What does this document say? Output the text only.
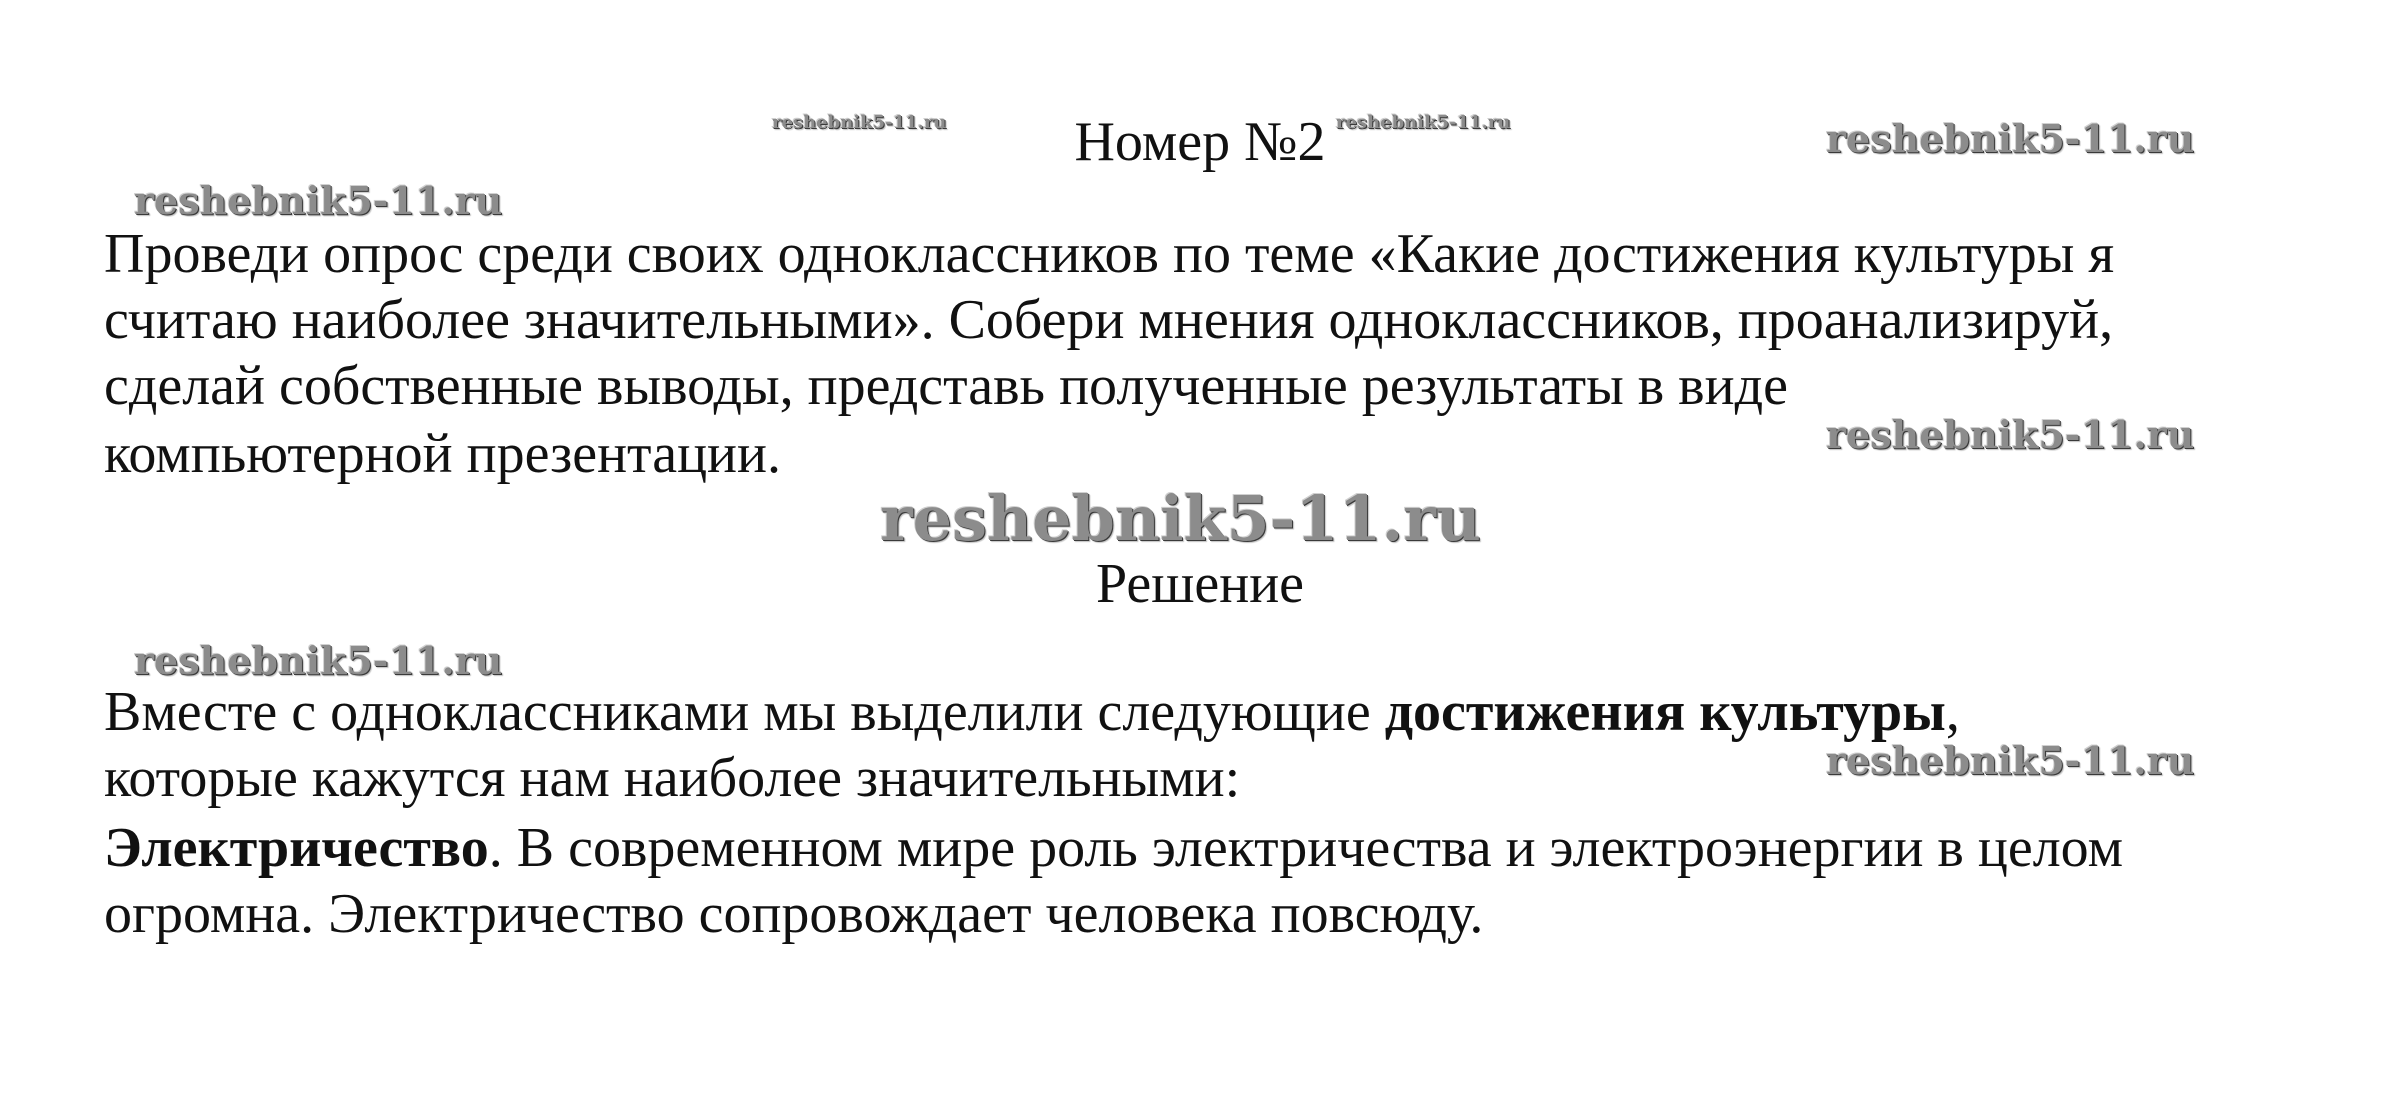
reshebnik5-11.ru	reshebnik5-11.ru	reshebnik5-11.ru
reshebnik5-11.ru
reshebnik5-11.ru
reshebnik5-11.ru
reshebnik5-11.ru
reshebnik5-11.ru
Номер №2
Проведи опрос среди своих одноклассников по теме «Какие достижения культуры я
считаю наиболее значительными». Собери мнения одноклассников, проанализируй,
сделай собственные выводы, представь полученные результаты в виде
компьютерной презентации.
Решение
Вместе с одноклассниками мы выделили следующие достижения культуры,
которые кажутся нам наиболее значительными:
Электричество. В современном мире роль электричества и электроэнергии в целом
огромна. Электричество сопровождает человека повсюду.
